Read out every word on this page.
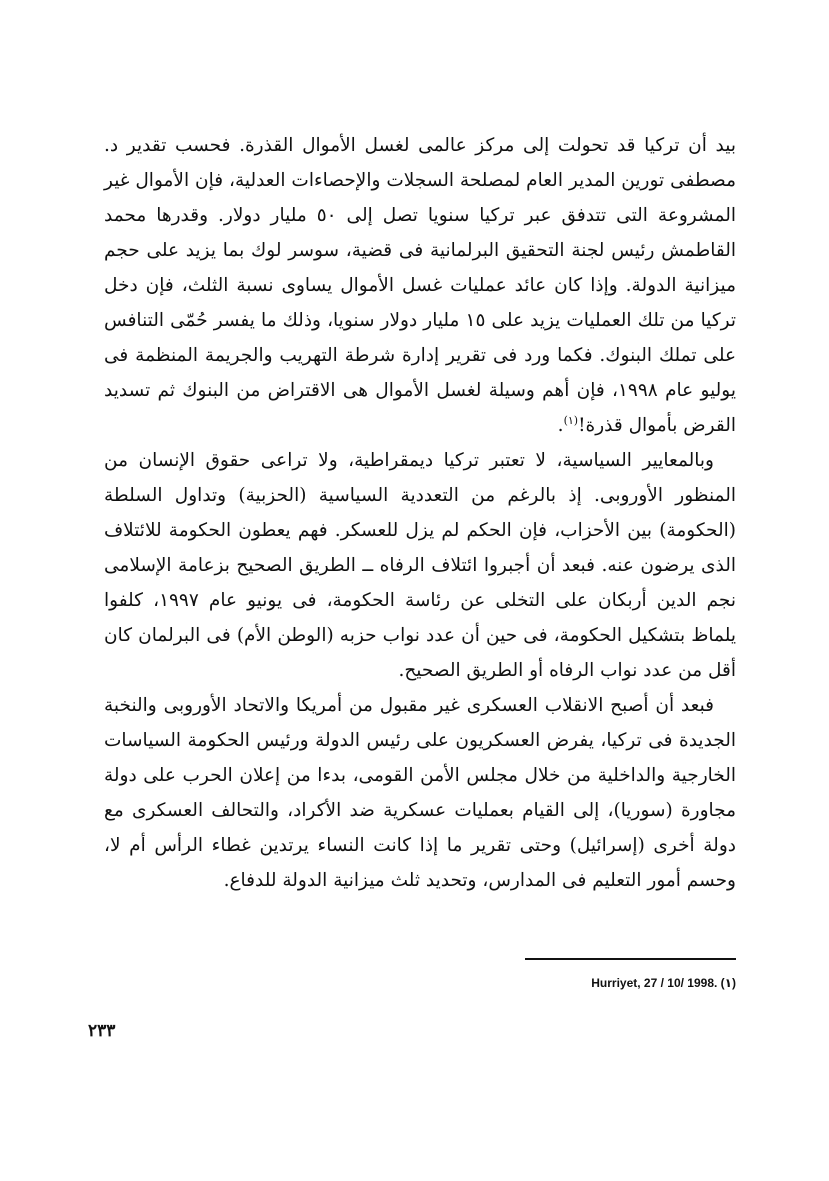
بيد أن تركيا قد تحولت إلى مركز عالمى لغسل الأموال القذرة. فحسب تقدير د. مصطفى تورين المدير العام لمصلحة السجلات والإحصاءات العدلية، فإن الأموال غير المشروعة التى تتدفق عبر تركيا سنويا تصل إلى ٥٠ مليار دولار. وقدرها محمد القاطمش رئيس لجنة التحقيق البرلمانية فى قضية، سوسر لوك بما يزيد على حجم ميزانية الدولة. وإذا كان عائد عمليات غسل الأموال يساوى نسبة الثلث، فإن دخل تركيا من تلك العمليات يزيد على ١٥ مليار دولار سنويا، وذلك ما يفسر حُمّى التنافس على تملك البنوك. فكما ورد فى تقرير إدارة شرطة التهريب والجريمة المنظمة فى يوليو عام ١٩٩٨، فإن أهم وسيلة لغسل الأموال هى الاقتراض من البنوك ثم تسديد القرض بأموال قذرة!$^{(١)}$.

وبالمعايير السياسية، لا تعتبر تركيا ديمقراطية، ولا تراعى حقوق الإنسان من المنظور الأوروبى. إذ بالرغم من التعددية السياسية (الحزبية) وتداول السلطة (الحكومة) بين الأحزاب، فإن الحكم لم يزل للعسكر. فهم يعطون الحكومة للائتلاف الذى يرضون عنه. فبعد أن أجبروا ائتلاف الرفاه ــ الطريق الصحيح بزعامة الإسلامى نجم الدين أربكان على التخلى عن رئاسة الحكومة، فى يونيو عام ١٩٩٧، كلفوا يلماظ بتشكيل الحكومة، فى حين أن عدد نواب حزبه (الوطن الأم) فى البرلمان كان أقل من عدد نواب الرفاه أو الطريق الصحيح.

فبعد أن أصبح الانقلاب العسكرى غير مقبول من أمريكا والاتحاد الأوروبى والنخبة الجديدة فى تركيا، يفرض العسكريون على رئيس الدولة ورئيس الحكومة السياسات الخارجية والداخلية من خلال مجلس الأمن القومى، بدءا من إعلان الحرب على دولة مجاورة (سوريا)، إلى القيام بعمليات عسكرية ضد الأكراد، والتحالف العسكرى مع دولة أخرى (إسرائيل) وحتى تقرير ما إذا كانت النساء يرتدين غطاء الرأس أم لا، وحسم أمور التعليم فى المدارس، وتحديد ثلث ميزانية الدولة للدفاع.

Hurriyet, 27 / 10/ 1998. (١)
٢٣٣
